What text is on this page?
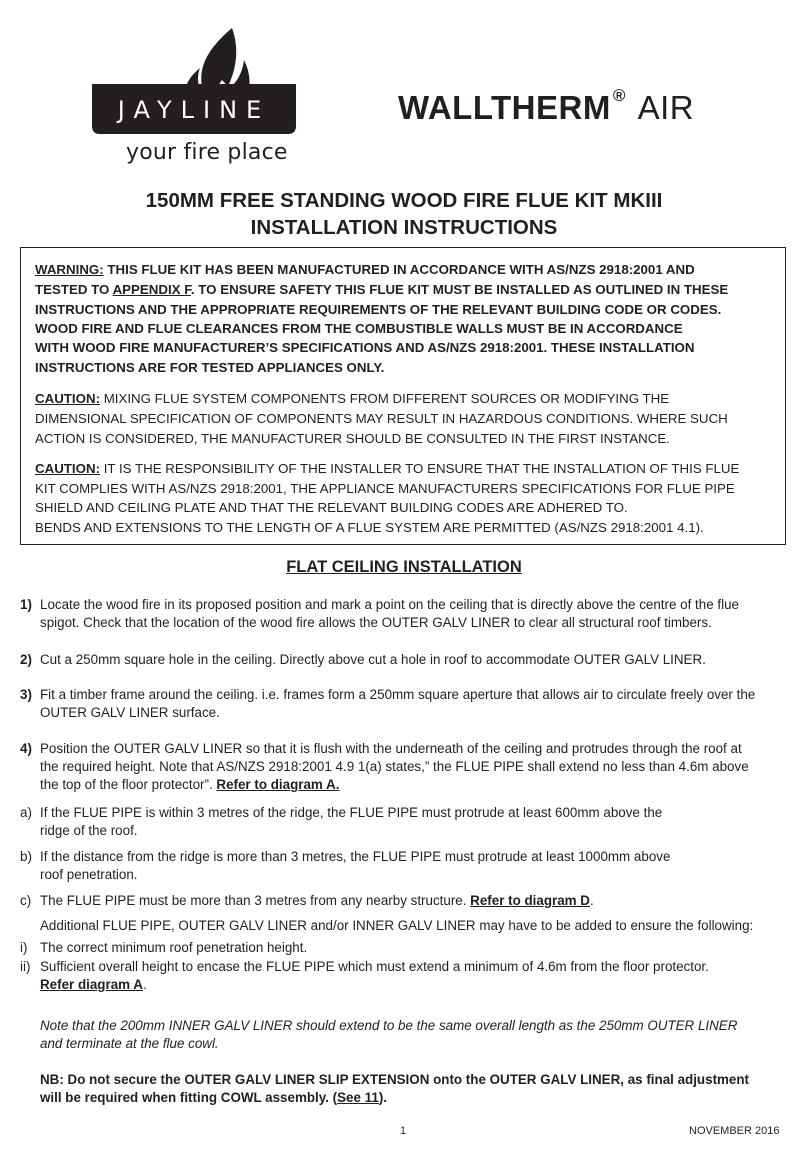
JAYLINE
your fire place
WALLTHERM ® AIR
150MM FREE STANDING WOOD FIRE FLUE KIT MKIII
INSTALLATION INSTRUCTIONS
WARNING: THIS FLUE KIT HAS BEEN MANUFACTURED IN ACCORDANCE WITH AS/NZS 2918:2001 AND
TESTED TO APPENDIX F. TO ENSURE SAFETY THIS FLUE KIT MUST BE INSTALLED AS OUTLINED IN THESE
INSTRUCTIONS AND THE APPROPRIATE REQUIREMENTS OF THE RELEVANT BUILDING CODE OR CODES.
WOOD FIRE AND FLUE CLEARANCES FROM THE COMBUSTIBLE WALLS MUST BE IN ACCORDANCE
WITH WOOD FIRE MANUFACTURER’S SPECIFICATIONS AND AS/NZS 2918:2001. THESE INSTALLATION
INSTRUCTIONS ARE FOR TESTED APPLIANCES ONLY.
CAUTION: MIXING FLUE SYSTEM COMPONENTS FROM DIFFERENT SOURCES OR MODIFYING THE
DIMENSIONAL SPECIFICATION OF COMPONENTS MAY RESULT IN HAZARDOUS CONDITIONS. WHERE SUCH
ACTION IS CONSIDERED, THE MANUFACTURER SHOULD BE CONSULTED IN THE FIRST INSTANCE.
CAUTION: IT IS THE RESPONSIBILITY OF THE INSTALLER TO ENSURE THAT THE INSTALLATION OF THIS FLUE
KIT COMPLIES WITH AS/NZS 2918:2001, THE APPLIANCE MANUFACTURERS SPECIFICATIONS FOR FLUE PIPE
SHIELD AND CEILING PLATE AND THAT THE RELEVANT BUILDING CODES ARE ADHERED TO.
BENDS AND EXTENSIONS TO THE LENGTH OF A FLUE SYSTEM ARE PERMITTED (AS/NZS 2918:2001 4.1).
FLAT CEILING INSTALLATION
1) Locate the wood fire in its proposed position and mark a point on the ceiling that is directly above the centre of the flue
spigot. Check that the location of the wood fire allows the OUTER GALV LINER to clear all structural roof timbers.
2) Cut a 250mm square hole in the ceiling. Directly above cut a hole in roof to accommodate OUTER GALV LINER.
3) Fit a timber frame around the ceiling. i.e. frames form a 250mm square aperture that allows air to circulate freely over the
OUTER GALV LINER surface.
4) Position the OUTER GALV LINER so that it is flush with the underneath of the ceiling and protrudes through the roof at
the required height. Note that AS/NZS 2918:2001 4.9 1(a) states,” the FLUE PIPE shall extend no less than 4.6m above
the top of the floor protector”. Refer to diagram A.
a) If the FLUE PIPE is within 3 metres of the ridge, the FLUE PIPE must protrude at least 600mm above the
ridge of the roof.
b) If the distance from the ridge is more than 3 metres, the FLUE PIPE must protrude at least 1000mm above
roof penetration.
c) The FLUE PIPE must be more than 3 metres from any nearby structure. Refer to diagram D.
Additional FLUE PIPE, OUTER GALV LINER and/or INNER GALV LINER may have to be added to ensure the following:
i) The correct minimum roof penetration height.
ii) Sufficient overall height to encase the FLUE PIPE which must extend a minimum of 4.6m from the floor protector.
Refer diagram A.
Note that the 200mm INNER GALV LINER should extend to be the same overall length as the 250mm OUTER LINER
and terminate at the flue cowl.
NB: Do not secure the OUTER GALV LINER SLIP EXTENSION onto the OUTER GALV LINER, as final adjustment
will be required when fitting COWL assembly. (See 11).
1	NOVEMBER 2016
